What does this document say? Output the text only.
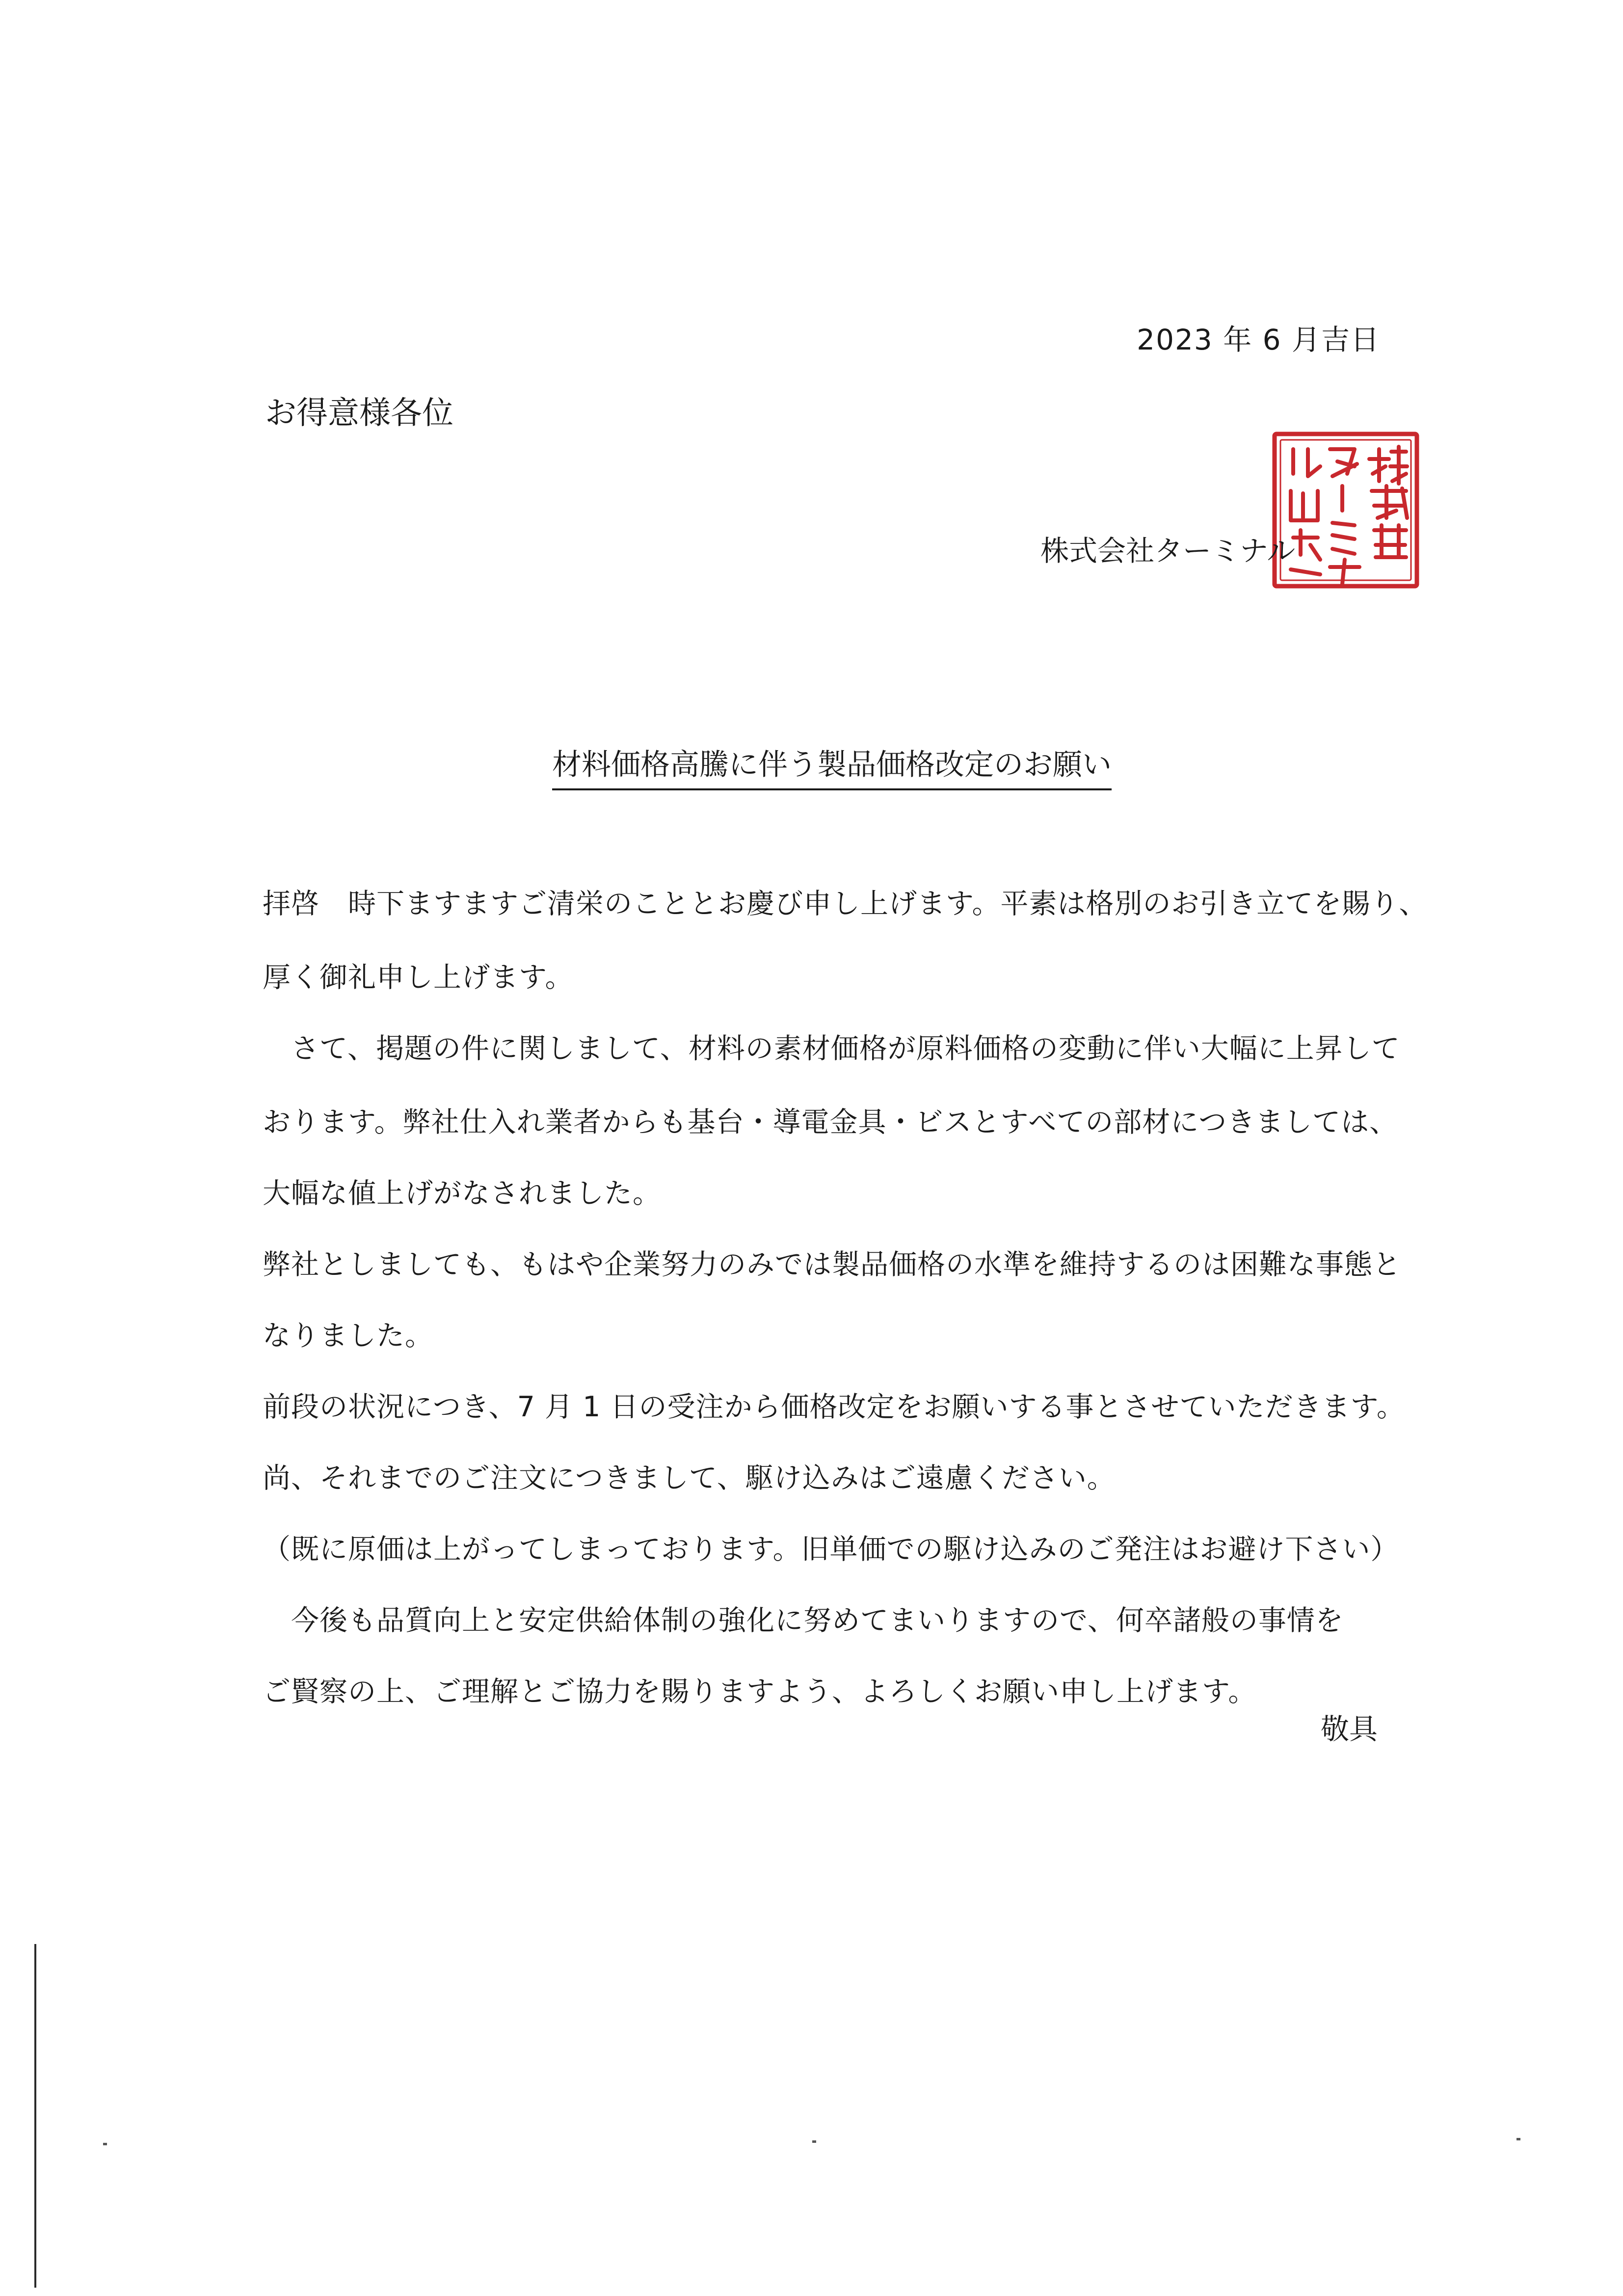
2023 年 6 月吉日
お得意様各位
株式会社ターミナル
材料価格高騰に伴う製品価格改定のお願い
拝啓　時下ますますご清栄のこととお慶び申し上げます。平素は格別のお引き立てを賜り、
厚く御礼申し上げます。
　さて、掲題の件に関しまして、材料の素材価格が原料価格の変動に伴い大幅に上昇して
おります。弊社仕入れ業者からも基台・導電金具・ビスとすべての部材につきましては、
大幅な値上げがなされました。
弊社としましても、もはや企業努力のみでは製品価格の水準を維持するのは困難な事態と
なりました。
前段の状況につき、7 月 1 日の受注から価格改定をお願いする事とさせていただきます。
尚、それまでのご注文につきまして、駆け込みはご遠慮ください。
（既に原価は上がってしまっております。旧単価での駆け込みのご発注はお避け下さい）
　今後も品質向上と安定供給体制の強化に努めてまいりますので、何卒諸般の事情を
ご賢察の上、ご理解とご協力を賜りますよう、よろしくお願い申し上げます。
敬具
